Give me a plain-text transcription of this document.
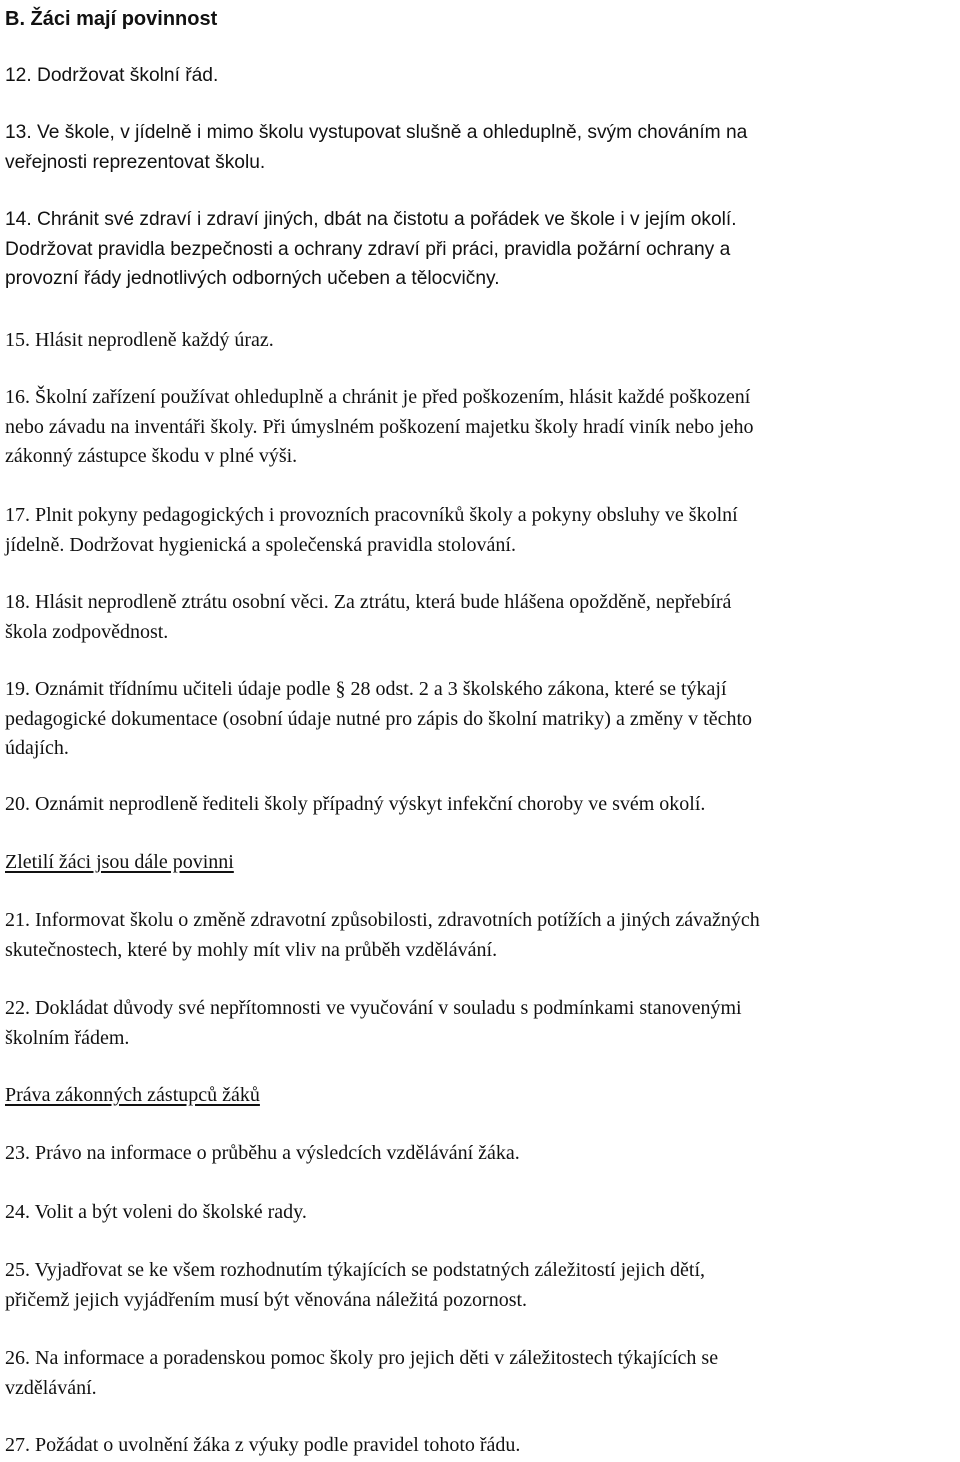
B. Žáci mají povinnost
12. Dodržovat školní řád.
13. Ve škole, v jídelně i mimo školu vystupovat slušně a ohleduplně, svým chováním na
veřejnosti reprezentovat školu.
14. Chránit své zdraví i zdraví jiných, dbát na čistotu a pořádek ve škole i v jejím okolí.
Dodržovat pravidla bezpečnosti a ochrany zdraví při práci, pravidla požární ochrany a
provozní řády jednotlivých odborných učeben a tělocvičny.
15. Hlásit neprodleně každý úraz.
16. Školní zařízení používat ohleduplně a chránit je před poškozením, hlásit každé poškození
nebo závadu na inventáři školy. Při úmyslném poškození majetku školy hradí viník nebo jeho
zákonný zástupce škodu v plné výši.
17. Plnit pokyny pedagogických i provozních pracovníků školy a pokyny obsluhy ve školní
jídelně. Dodržovat hygienická a společenská pravidla stolování.
18. Hlásit neprodleně ztrátu osobní věci. Za ztrátu, která bude hlášena opožděně, nepřebírá
škola zodpovědnost.
19. Oznámit třídnímu učiteli údaje podle § 28 odst. 2 a 3 školského zákona, které se týkají
pedagogické dokumentace (osobní údaje nutné pro zápis do školní matriky) a změny v těchto
údajích.
20. Oznámit neprodleně řediteli školy případný výskyt infekční choroby ve svém okolí.
Zletilí žáci jsou dále povinni
21. Informovat školu o změně zdravotní způsobilosti, zdravotních potížích a jiných závažných
skutečnostech, které by mohly mít vliv na průběh vzdělávání.
22. Dokládat důvody své nepřítomnosti ve vyučování v souladu s podmínkami stanovenými
školním řádem.
Práva zákonných zástupců žáků
23. Právo na informace o průběhu a výsledcích vzdělávání žáka.
24. Volit a být voleni do školské rady.
25. Vyjadřovat se ke všem rozhodnutím týkajících se podstatných záležitostí jejich dětí,
přičemž jejich vyjádřením musí být věnována náležitá pozornost.
26. Na informace a poradenskou pomoc školy pro jejich děti v záležitostech týkajících se
vzdělávání.
27. Požádat o uvolnění žáka z výuky podle pravidel tohoto řádu.
